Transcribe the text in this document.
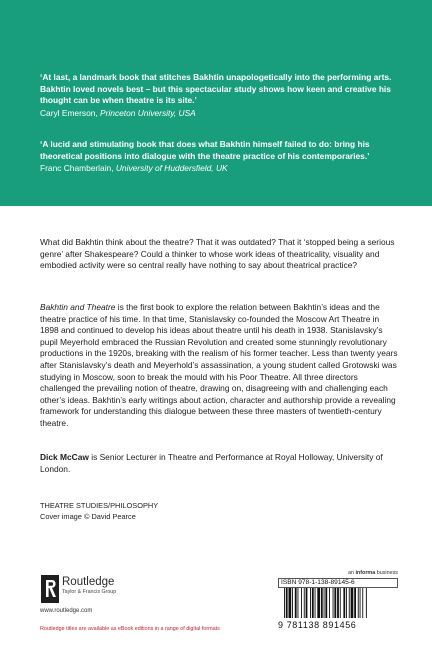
‘At last, a landmark book that stitches Bakhtin unapologetically into the performing arts. Bakhtin loved novels best – but this spectacular study shows how keen and creative his thought can be when theatre is its site.’

Caryl Emerson, Princeton University, USA

‘A lucid and stimulating book that does what Bakhtin himself failed to do: bring his theoretical positions into dialogue with the theatre practice of his contemporaries.’

Franc Chamberlain, University of Huddersfield, UK

What did Bakhtin think about the theatre? That it was outdated? That it ‘stopped being a serious genre’ after Shakespeare? Could a thinker to whose work ideas of theatricality, visuality and embodied activity were so central really have nothing to say about theatrical practice?

Bakhtin and Theatre is the first book to explore the relation between Bakhtin’s ideas and the theatre practice of his time. In that time, Stanislavsky co-founded the Moscow Art Theatre in 1898 and continued to develop his ideas about theatre until his death in 1938. Stanislavsky’s pupil Meyerhold embraced the Russian Revolution and created some stunningly revolutionary productions in the 1920s, breaking with the realism of his former teacher. Less than twenty years after Stanislavsky’s death and Meyerhold’s assassination, a young student called Grotowski was studying in Moscow, soon to break the mould with his Poor Theatre. All three directors challenged the prevailing notion of theatre, drawing on, disagreeing with and challenging each other’s ideas. Bakhtin’s early writings about action, character and authorship provide a revealing framework for understanding this dialogue between these three masters of twentieth-century theatre.

Dick McCaw is Senior Lecturer in Theatre and Performance at Royal Holloway, University of London.

THEATRE STUDIES/PHILOSOPHY

Cover image © David Pearce

Routledge
Taylor & Francis Group

www.routledge.com

Routledge titles are available as eBook editions in a range of digital formats

an informa business

ISBN 978-1-138-89145-6

9 781138 891456
